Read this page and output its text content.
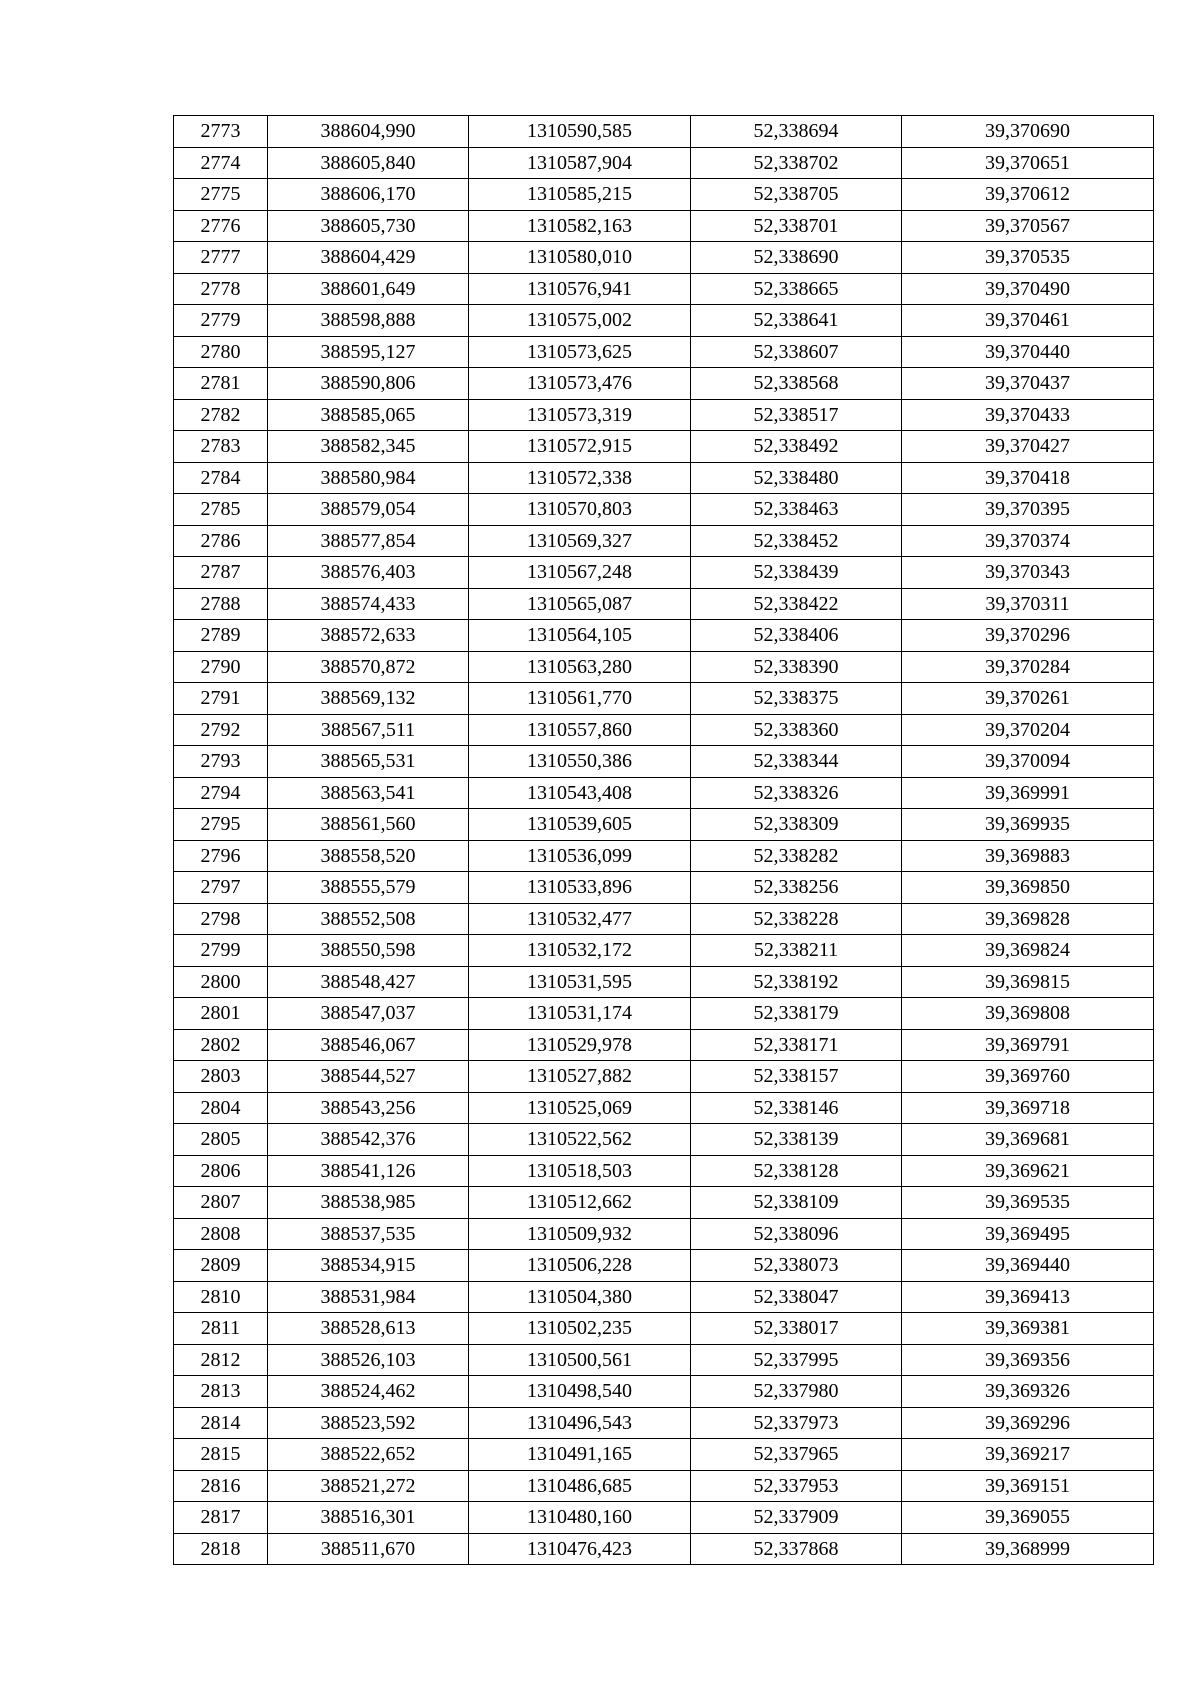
2773	388604,990	1310590,585	52,338694	39,370690
2774	388605,840	1310587,904	52,338702	39,370651
2775	388606,170	1310585,215	52,338705	39,370612
2776	388605,730	1310582,163	52,338701	39,370567
2777	388604,429	1310580,010	52,338690	39,370535
2778	388601,649	1310576,941	52,338665	39,370490
2779	388598,888	1310575,002	52,338641	39,370461
2780	388595,127	1310573,625	52,338607	39,370440
2781	388590,806	1310573,476	52,338568	39,370437
2782	388585,065	1310573,319	52,338517	39,370433
2783	388582,345	1310572,915	52,338492	39,370427
2784	388580,984	1310572,338	52,338480	39,370418
2785	388579,054	1310570,803	52,338463	39,370395
2786	388577,854	1310569,327	52,338452	39,370374
2787	388576,403	1310567,248	52,338439	39,370343
2788	388574,433	1310565,087	52,338422	39,370311
2789	388572,633	1310564,105	52,338406	39,370296
2790	388570,872	1310563,280	52,338390	39,370284
2791	388569,132	1310561,770	52,338375	39,370261
2792	388567,511	1310557,860	52,338360	39,370204
2793	388565,531	1310550,386	52,338344	39,370094
2794	388563,541	1310543,408	52,338326	39,369991
2795	388561,560	1310539,605	52,338309	39,369935
2796	388558,520	1310536,099	52,338282	39,369883
2797	388555,579	1310533,896	52,338256	39,369850
2798	388552,508	1310532,477	52,338228	39,369828
2799	388550,598	1310532,172	52,338211	39,369824
2800	388548,427	1310531,595	52,338192	39,369815
2801	388547,037	1310531,174	52,338179	39,369808
2802	388546,067	1310529,978	52,338171	39,369791
2803	388544,527	1310527,882	52,338157	39,369760
2804	388543,256	1310525,069	52,338146	39,369718
2805	388542,376	1310522,562	52,338139	39,369681
2806	388541,126	1310518,503	52,338128	39,369621
2807	388538,985	1310512,662	52,338109	39,369535
2808	388537,535	1310509,932	52,338096	39,369495
2809	388534,915	1310506,228	52,338073	39,369440
2810	388531,984	1310504,380	52,338047	39,369413
2811	388528,613	1310502,235	52,338017	39,369381
2812	388526,103	1310500,561	52,337995	39,369356
2813	388524,462	1310498,540	52,337980	39,369326
2814	388523,592	1310496,543	52,337973	39,369296
2815	388522,652	1310491,165	52,337965	39,369217
2816	388521,272	1310486,685	52,337953	39,369151
2817	388516,301	1310480,160	52,337909	39,369055
2818	388511,670	1310476,423	52,337868	39,368999
